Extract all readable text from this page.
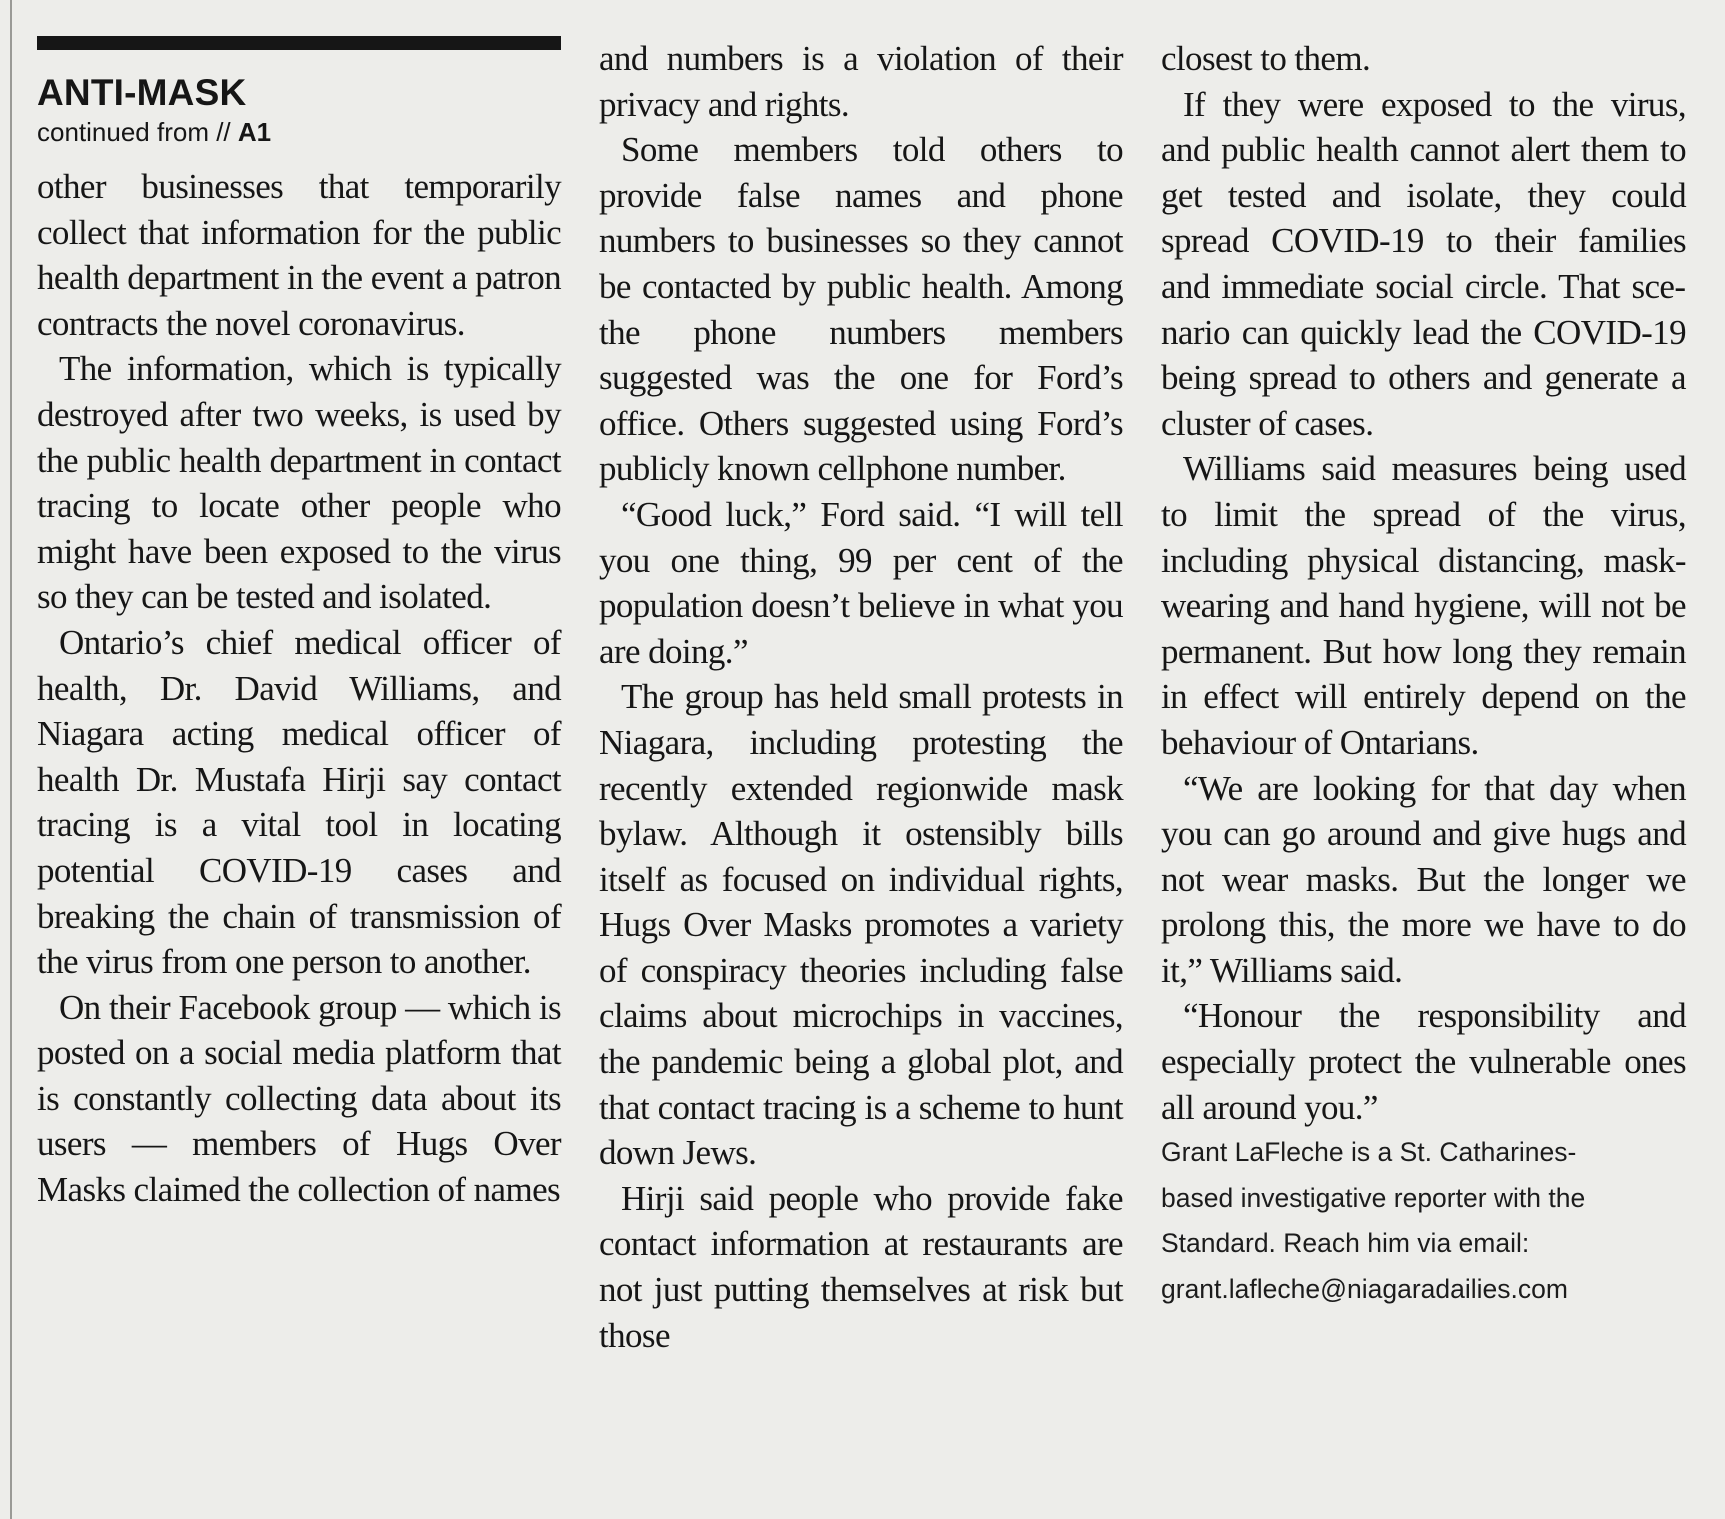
ANTI-MASK
continued from // A1

other businesses that temporarily collect that information for the public health department in the event a patron contracts the novel coronavirus.

The information, which is typically destroyed after two weeks, is used by the public health department in contact tracing to locate other people who might have been exposed to the virus so they can be tested and isolated.

Ontario’s chief medical officer of health, Dr. David Williams, and Niagara acting medical officer of health Dr. Mustafa Hirji say contact tracing is a vital tool in locating potential COVID-19 cases and breaking the chain of transmission of the virus from one person to another.

On their Facebook group — which is posted on a social media platform that is constantly collecting data about its users — members of Hugs Over Masks claimed the collection of names

and numbers is a violation of their privacy and rights.

Some members told others to provide false names and phone numbers to businesses so they cannot be contacted by public health. Among the phone numbers members suggested was the one for Ford’s office. Others suggested using Ford’s publicly known cellphone number.

“Good luck,” Ford said. “I will tell you one thing, 99 per cent of the population doesn’t believe in what you are doing.”

The group has held small protests in Niagara, including protesting the recently extended regionwide mask bylaw. Although it ostensibly bills itself as focused on individual rights, Hugs Over Masks promotes a variety of conspiracy theories including false claims about microchips in vaccines, the pandemic being a global plot, and that contact tracing is a scheme to hunt down Jews.

Hirji said people who provide fake contact information at restaurants are not just putting themselves at risk but those

closest to them.

If they were exposed to the virus, and public health cannot alert them to get tested and isolate, they could spread COVID-19 to their families and immediate social circle. That scenario can quickly lead the COVID-19 being spread to others and generate a cluster of cases.

Williams said measures being used to limit the spread of the virus, including physical distancing, mask-wearing and hand hygiene, will not be permanent. But how long they remain in effect will entirely depend on the behaviour of Ontarians.

“We are looking for that day when you can go around and give hugs and not wear masks. But the longer we prolong this, the more we have to do it,” Williams said.

“Honour the responsibility and especially protect the vulnerable ones all around you.”

Grant LaFleche is a St. Catharines-

based investigative reporter with the

Standard. Reach him via email:

grant.lafleche@niagaradailies.com
